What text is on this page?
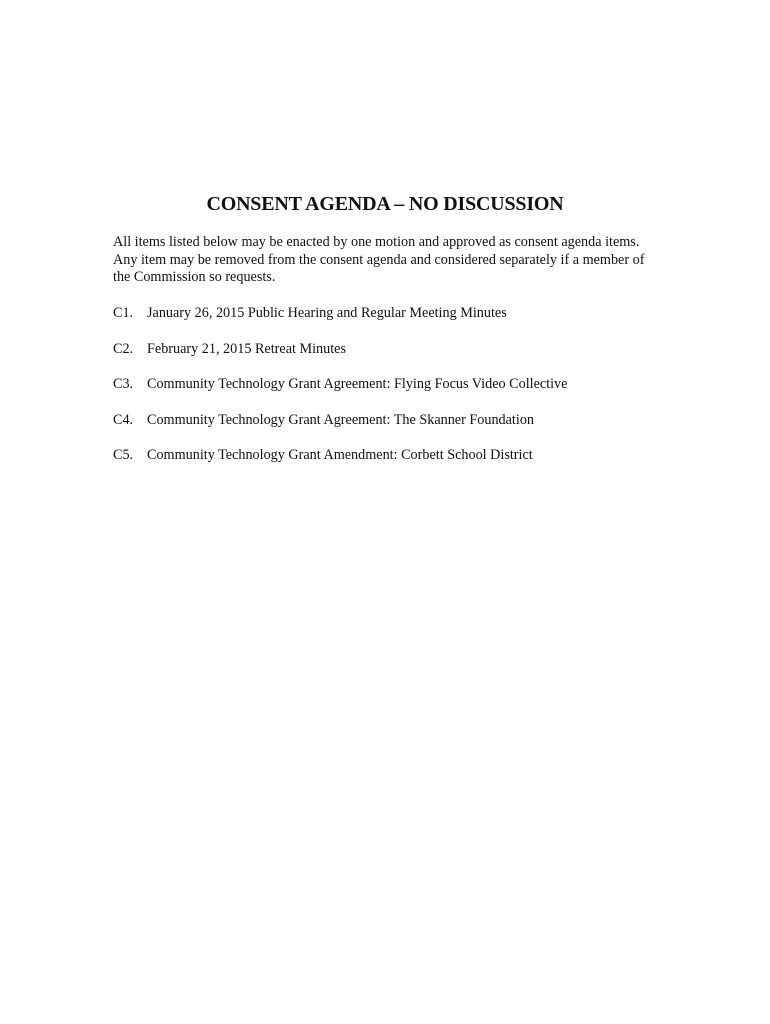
CONSENT AGENDA – NO DISCUSSION

All items listed below may be enacted by one motion and approved as consent agenda items. Any item may be removed from the consent agenda and considered separately if a member of the Commission so requests.

C1. January 26, 2015 Public Hearing and Regular Meeting Minutes
C2. February 21, 2015 Retreat Minutes
C3. Community Technology Grant Agreement: Flying Focus Video Collective
C4. Community Technology Grant Agreement: The Skanner Foundation
C5. Community Technology Grant Amendment: Corbett School District
